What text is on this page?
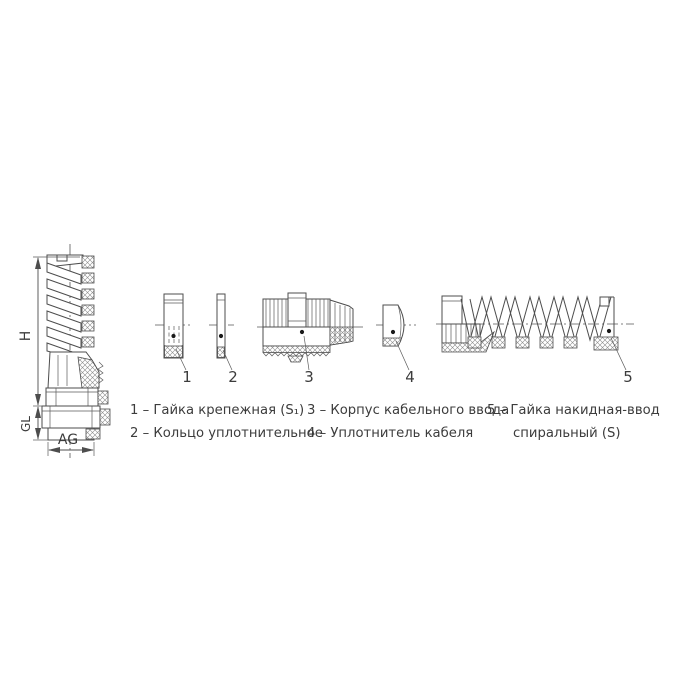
H
GL
AG
1 2	3	4	5
1 – Гайка крепежная (S₁)
2 – Кольцо уплотнительное
3 – Корпус кабельного ввода
4 – Уплотнитель кабеля
5 – Гайка накидная-ввод
спиральный (S)
